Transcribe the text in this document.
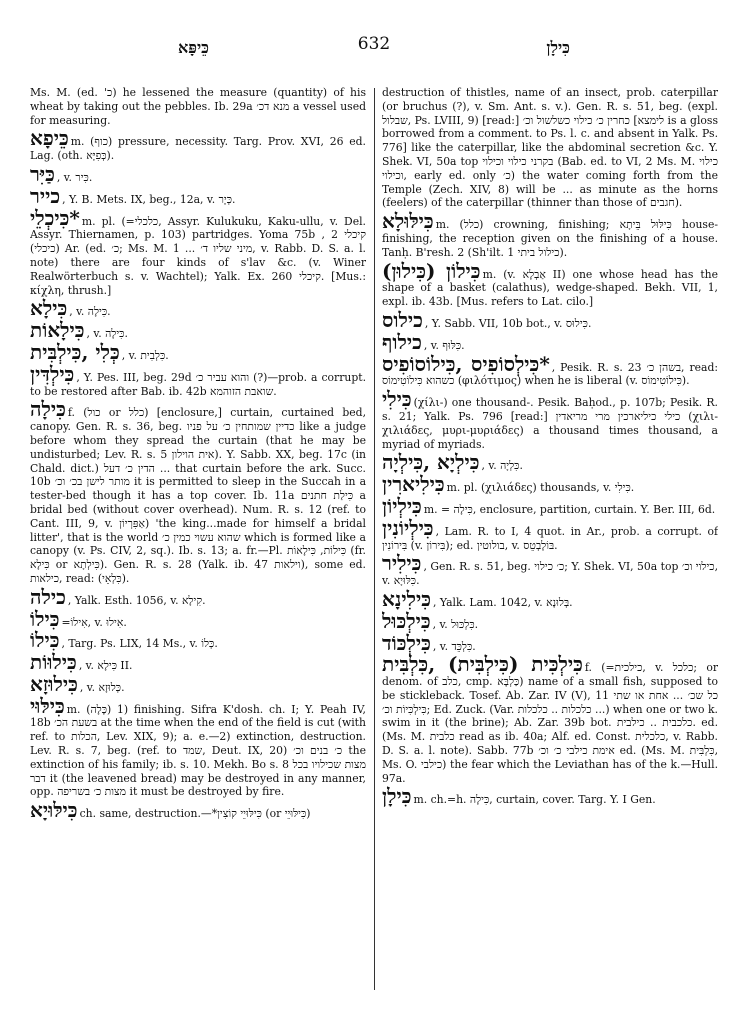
כֵּיפָּא	632	כִּילָן

Ms. M. (ed. 'כ) he lessened the measure (quantity) of his wheat by taking out the pebbles. Ib. 29a מנא דכ׳ a vessel used for measuring.

כֵּיפָא m. (כוף) pressure, necessity. Targ. Prov. XVI, 26 ed. Lag. (oth. כְּפִיָּא).

כַּיִּר , v. כִּיר.

כייר , Y. B. Mets. IX, beg., 12a, v. כְּיָר.

*כִּיכְלֵי m. pl. (=כלכלי, Assyr. Kulukuku, Kaku-ullu, v. Del. Assyr. Thiernamen, p. 103) partridges. Yoma 75b קיכלי 2 ,(כיכלי) Ar. (ed. כ׳; Ms. M. 1 ... מיני שליו ד׳, v. Rabb. D. S. a. l. note) there are four kinds of s'lav &c. (v. Winer Realwörterbuch s. v. Wachtel); Yalk. Ex. 260 קיכלי. [Mus.: κίχλη, thrush.]

כִּילָא , v. כִּילָה.

כִּילָאוֹת , v. כִּילָה.

כְּלִי ,כִּילְבִּית , v. כִּלְבִית.

כִּילְדִּין , Y. Pes. III, beg. 29d והוא עביר כ׳ (?)—prob. a corrupt. to be restored after Bab. ib. 42b שואבת הזוהמא.

כִּילָה f. (כול or כלל) [enclosure,] curtain, curtained bed, canopy. Gen. R. s. 36, beg. כדיין שמותחין כ׳ על פניו like a judge before whom they spread the curtain (that he may be undisturbed; Lev. R. s. 5 אית הוילון). Y. Sabb. XX, beg. 17c (in Chald. dict.) הדין כ׳ דעל ... that curtain before the ark. Succ. 10b מותר לישן בכ׳ וכ׳ it is permitted to sleep in the Succah in a tester-bed though it has a top cover. Ib. 11a כִּילַת חתנים a bridal bed (without cover overhead). Num. R. s. 12 (ref. to Cant. III, 9, v. אַפִּרְיוֹן) 'the king...made for himself a bridal litter', that is the world שהוא עשוי כמין כ׳ which is formed like a canopy (v. Ps. CIV, 2, sq.). Ib. s. 13; a. fr.—Pl. כִּילוֹת, כִּילָאוֹת (fr. כִּילָא or כִּילְתָא). Gen. R. s. 28 (Yalk. ib. 47 וילאות), some ed. כילאות, read: (כִּלְאֵי).

כילה , Yalk. Esth. 1056, v. קִילָא.

כִּילוֹ =אִילוֹ, v. אִילוּ.

כִּילוֹ , Targ. Ps. LIX, 14 Ms., v. כְּלוֹ.

כִּילוּוֹת , v. כִּילָא II.

כִּילוּזָא , v. כְּלוּזָא.

כִּילּוּי m. (כָּלָה) 1) finishing. Sifra K'dosh. ch. I; Y. Peah IV, 18b בשעת הכ׳ at the time when the end of the field is cut (with ref. to הכלות, Lev. XIX, 9); a. e.—2) extinction, destruction. Lev. R. s. 7, beg. (ref. to שמד, Deut. IX, 20) כ׳ בנים וכ׳ the extinction of his family; ib. s. 10. Mekh. Bo s. 8 מצות שכילויו בכל דבר it (the leavened bread) may be destroyed in any manner, opp. מצות כ׳ בשריפה it must be destroyed by fire.

כִּילּוּיָא ch. same, destruction.—*כִּילּוּיֵי קוֹצִין (or כִּילּוּיֵי)

destruction of thistles, name of an insect, prob. caterpillar (or bruchus (?), v. Sm. Ant. s. v.). Gen. R. s. 51, beg. (expl. שבלול, Ps. LVIII, 9) [read:] כחרין כ׳ כילוי כשלשול וכ׳ [לימצא is a gloss borrowed from a comment. to Ps. l. c. and absent in Yalk. Ps. 776] like the caterpillar, like the abdominal secretion &c. Y. Shek. VI, 50a top בקרני כילוי וכילוי (Bab. ed. to VI, 2 Ms. M. כילוי וכילוי, early ed. only כ׳) the water coming forth from the Temple (Zech. XIV, 8) will be ... as minute as the horns (feelers) of the caterpillar (thinner than those of חגבים).

כִּילּוּלָא m. (כלל) crowning, finishing; כִּילּוּל בֵּיתָא house-finishing, the reception given on the finishing of a house. Tanḥ. B'resh. 2 (Sh'ilt. 1 כילול ביתי).

כִּילוֹן (כִּילוּן) m. (v. אַבְלָא II) one whose head has the shape of a basket (calathus), wedge-shaped. Bekh. VII, 1, expl. ib. 43b. [Mus. refers to Lat. cilo.]

כילוס , Y. Sabb. VII, 10b bot., v. כִּילוּס.

כילוף , v. כִּלּוּף.

*כִּילְסוֹפִיס ,כִּילוֹסוֹפִיס , Pesik. R. s. 23 בשהן כ׳, read: כשהוא כִּילוֹטִימוֹס (φιλότιμος) when he is liberal (v. כִּילוֹטִימוֹס).

כִּילִי (χίλι-) one thousand-. Pesik. Baḥod., p. 107b; Pesik. R. s. 21; Yalk. Ps. 796 [read:] כילי כיליארכין מרי מריאדין (χιλι-χιλιάδες, μυρι-μυριάδες) a thousand times thousand, a myriad of myriads.

כִּילְיָא ,כִּילְיָה , v. כִּלְיָה.

כִּילִיארִין m. pl. (χιλιάδες) thousands, v. כִּילִי.

כִּילְיוֹן m. = כִּילָה, enclosure, partition, curtain. Y. Ber. III, 6d.

כִּילְיוֹנִין , Lam. R. to I, 4 quot. in Ar., prob. a corrupt. of בִּירוֹנִין (v. בִּירוֹן); ed. בולוטין, v. בּוֹלָבְטֵס.

כִּילִיר , Gen. R. s. 51, beg. כ׳ כילוי; Y. Shek. VI, 50a top כילוי וכ׳, v. כִּלּוּיָא.

כִּילִינָא , Yalk. Lam. 1042, v. בְּלוּנָא.

כִּילְכּוּל , v. כִּלְכּוּל.

כִּילְכּוֹד , v. כִּלְכֵּד.

כִּילְכִּית (כִּילְבִּית) ,כִּלְבִּית f. (=כילכית, v. כלכל; or denom. of כלב, cmp. כַּלְבָּא) name of a small fish, supposed to be stickleback. Tosef. Ab. Zar. IV (V), 11 כל שכ׳ ... אחת או שתי כִּילְכִּיוֹת וכ׳; Ed. Zuck. (Var. כלכלות .. כלכלות ...) when one or two k. swim in it (the brine); Ab. Zar. 39b bot. כלכבית .. כילבית. ed. (Ms. M. כלבית read as ib. 40a; Alf. ed. Const. כלכלית, v. Rabb. D. S. a. l. note). Sabb. 77b אימת כילבי כ׳ וכ׳ ed. (Ms. M. כִּלְבִּית, Ms. O. כילבי) the fear which the Leviathan has of the k.—Hull. 97a.

כִּילָן m. ch.=h. כִּילָה, curtain, cover. Targ. Y. I Gen.
